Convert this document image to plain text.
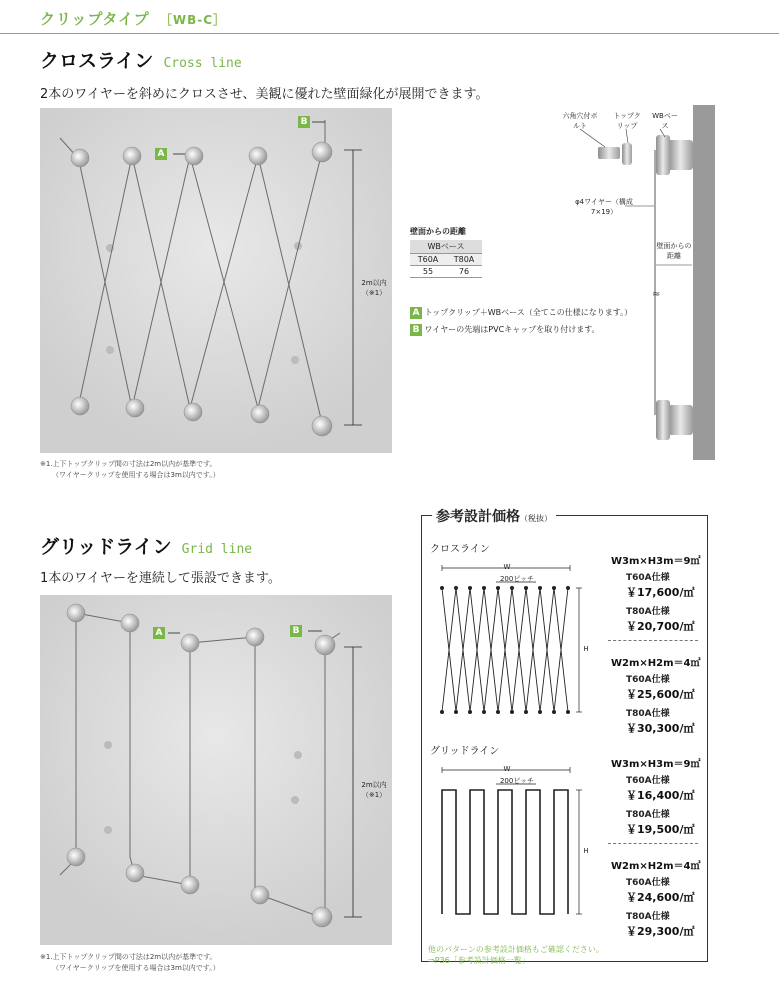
クリップタイプ ［WB-C］
クロスライン Cross line
2本のワイヤーを斜めにクロスさせ、美観に優れた壁面緑化が展開できます。
A
B
2m以内
（※1）
※1.上下トップクリップ間の寸法は2m以内が基準です。
（ワイヤークリップを使用する場合は3m以内です。）
壁面からの距離
WBベース	
T60A	T80A
55	76
A トップクリップ＋WBベース（全てこの仕様になります。）
B ワイヤーの先端はPVCキャップを取り付けます。
≈
六角穴付ボルト
トップクリップ
WBベース
φ4ワイヤー（構成7×19）
壁面からの距離
グリッドライン Grid line
1本のワイヤーを連続して張設できます。
A	B
2m以内
（※1）
※1.上下トップクリップ間の寸法は2m以内が基準です。
（ワイヤークリップを使用する場合は3m以内です。）
参考設計価格（税抜）
クロスライン
W
200ピッチ
H
W3m×H3m＝9㎡
T60A仕様
￥17,600/㎡
T80A仕様
￥20,700/㎡
W2m×H2m＝4㎡
T60A仕様
￥25,600/㎡
T80A仕様
￥30,300/㎡
グリッドライン
W
200ピッチ
H
W3m×H3m＝9㎡
T60A仕様
￥16,400/㎡
T80A仕様
￥19,500/㎡
W2m×H2m＝4㎡
T60A仕様
￥24,600/㎡
T80A仕様
￥29,300/㎡
他のパターンの参考設計価格もご確認ください。
⇒P36「参考設計価格一覧」
